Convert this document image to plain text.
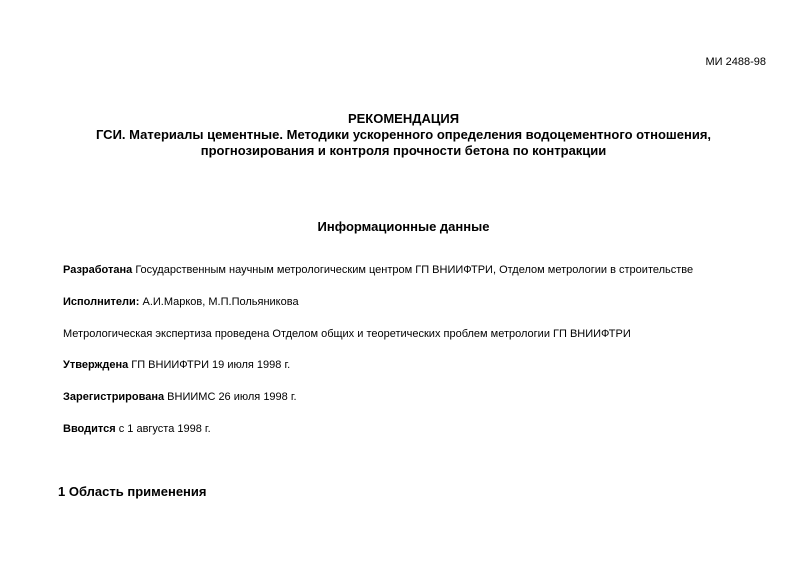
МИ 2488-98
РЕКОМЕНДАЦИЯ
ГСИ. Материалы цементные. Методики ускоренного определения водоцементного отношения,
прогнозирования и контроля прочности бетона по контракции
Информационные данные
Разработана Государственным научным метрологическим центром ГП ВНИИФТРИ, Отделом метрологии в строительстве
Исполнители: А.И.Марков, М.П.Польяникова
Метрологическая экспертиза проведена Отделом общих и теоретических проблем метрологии ГП ВНИИФТРИ
Утверждена ГП ВНИИФТРИ 19 июля 1998 г.
Зарегистрирована ВНИИМС 26 июля 1998 г.
Вводится с 1 августа 1998 г.
1 Область применения
